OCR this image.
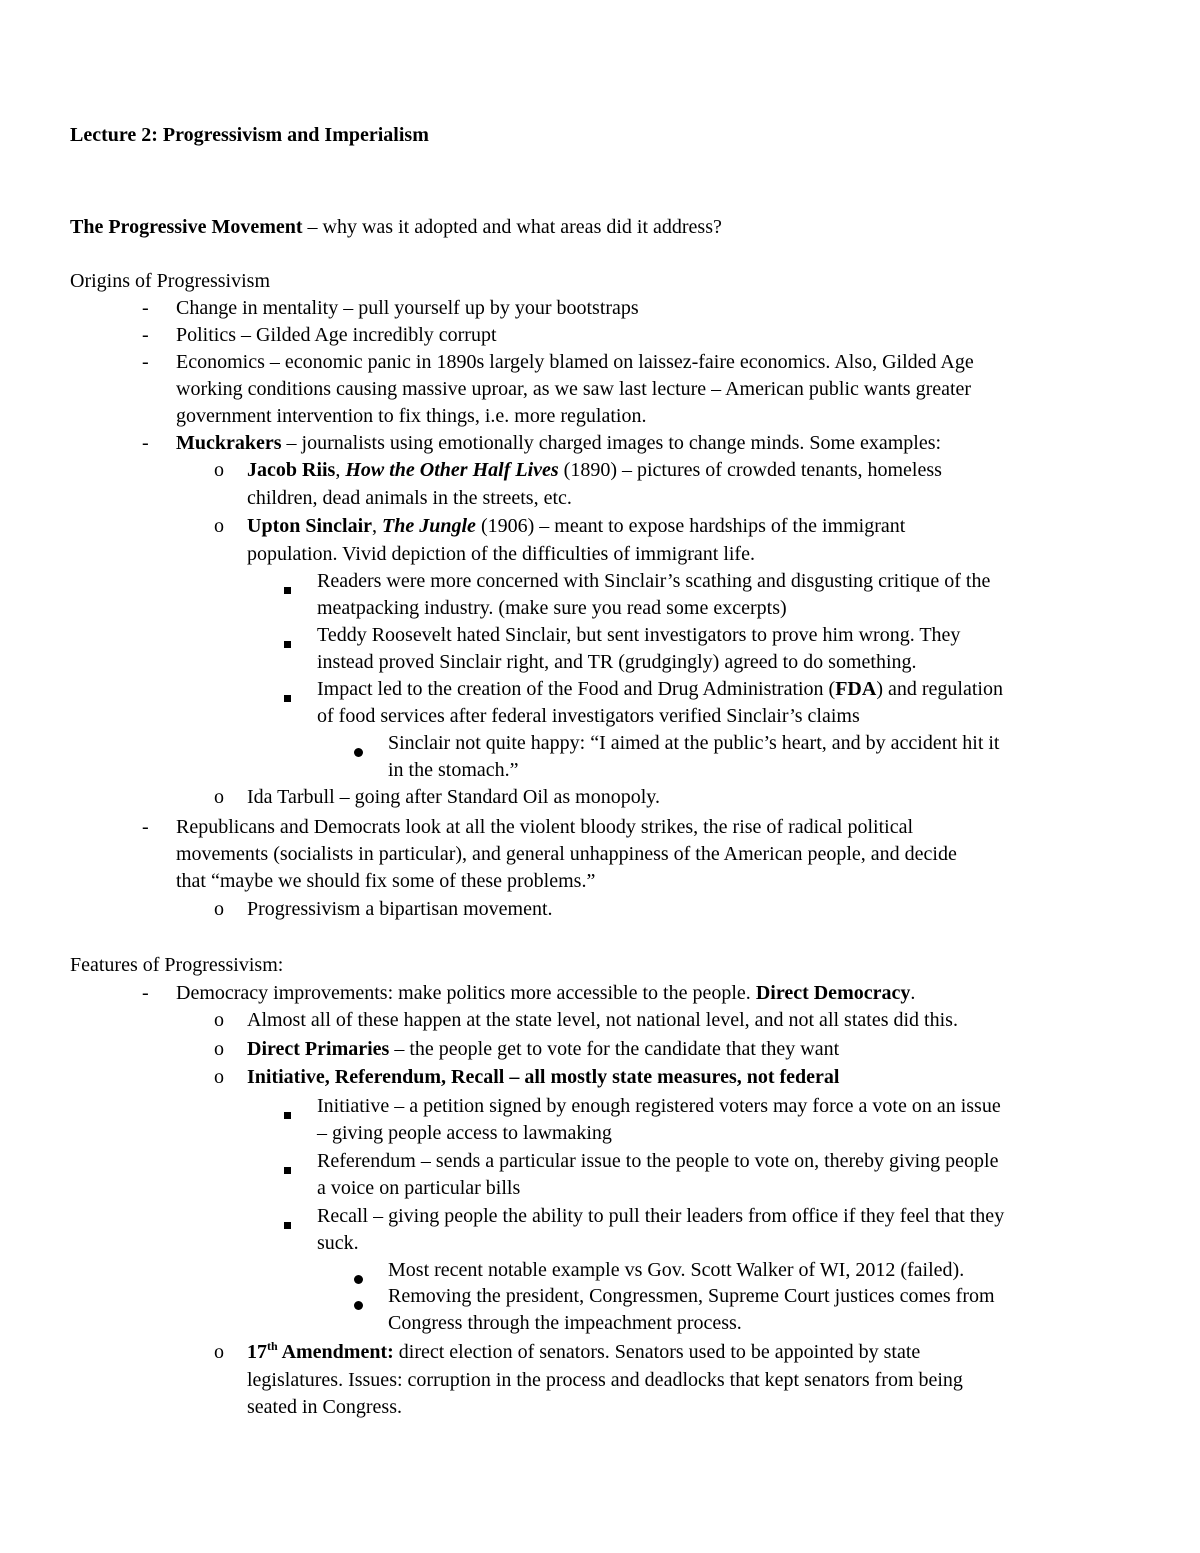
Lecture 2: Progressivism and Imperialism
The Progressive Movement – why was it adopted and what areas did it address?
Origins of Progressivism
- Change in mentality – pull yourself up by your bootstraps
- Politics – Gilded Age incredibly corrupt
- Economics – economic panic in 1890s largely blamed on laissez-faire economics. Also, Gilded Age
working conditions causing massive uproar, as we saw last lecture – American public wants greater
government intervention to fix things, i.e. more regulation.
- Muckrakers – journalists using emotionally charged images to change minds. Some examples:
o Jacob Riis, How the Other Half Lives (1890) – pictures of crowded tenants, homeless
children, dead animals in the streets, etc.
o Upton Sinclair, The Jungle (1906) – meant to expose hardships of the immigrant
population. Vivid depiction of the difficulties of immigrant life.
Readers were more concerned with Sinclair’s scathing and disgusting critique of the
meatpacking industry. (make sure you read some excerpts)
Teddy Roosevelt hated Sinclair, but sent investigators to prove him wrong. They
instead proved Sinclair right, and TR (grudgingly) agreed to do something.
Impact led to the creation of the Food and Drug Administration (FDA) and regulation
of food services after federal investigators verified Sinclair’s claims
Sinclair not quite happy: “I aimed at the public’s heart, and by accident hit it
in the stomach.”
o Ida Tarbull – going after Standard Oil as monopoly.
- Republicans and Democrats look at all the violent bloody strikes, the rise of radical political
movements (socialists in particular), and general unhappiness of the American people, and decide
that “maybe we should fix some of these problems.”
o Progressivism a bipartisan movement.
Features of Progressivism:
- Democracy improvements: make politics more accessible to the people. Direct Democracy.
o Almost all of these happen at the state level, not national level, and not all states did this.
o Direct Primaries – the people get to vote for the candidate that they want
o Initiative, Referendum, Recall – all mostly state measures, not federal
Initiative – a petition signed by enough registered voters may force a vote on an issue
– giving people access to lawmaking
Referendum – sends a particular issue to the people to vote on, thereby giving people
a voice on particular bills
Recall – giving people the ability to pull their leaders from office if they feel that they
suck.
Most recent notable example vs Gov. Scott Walker of WI, 2012 (failed).
Removing the president, Congressmen, Supreme Court justices comes from
Congress through the impeachment process.
o 17th Amendment: direct election of senators. Senators used to be appointed by state
legislatures. Issues: corruption in the process and deadlocks that kept senators from being
seated in Congress.
